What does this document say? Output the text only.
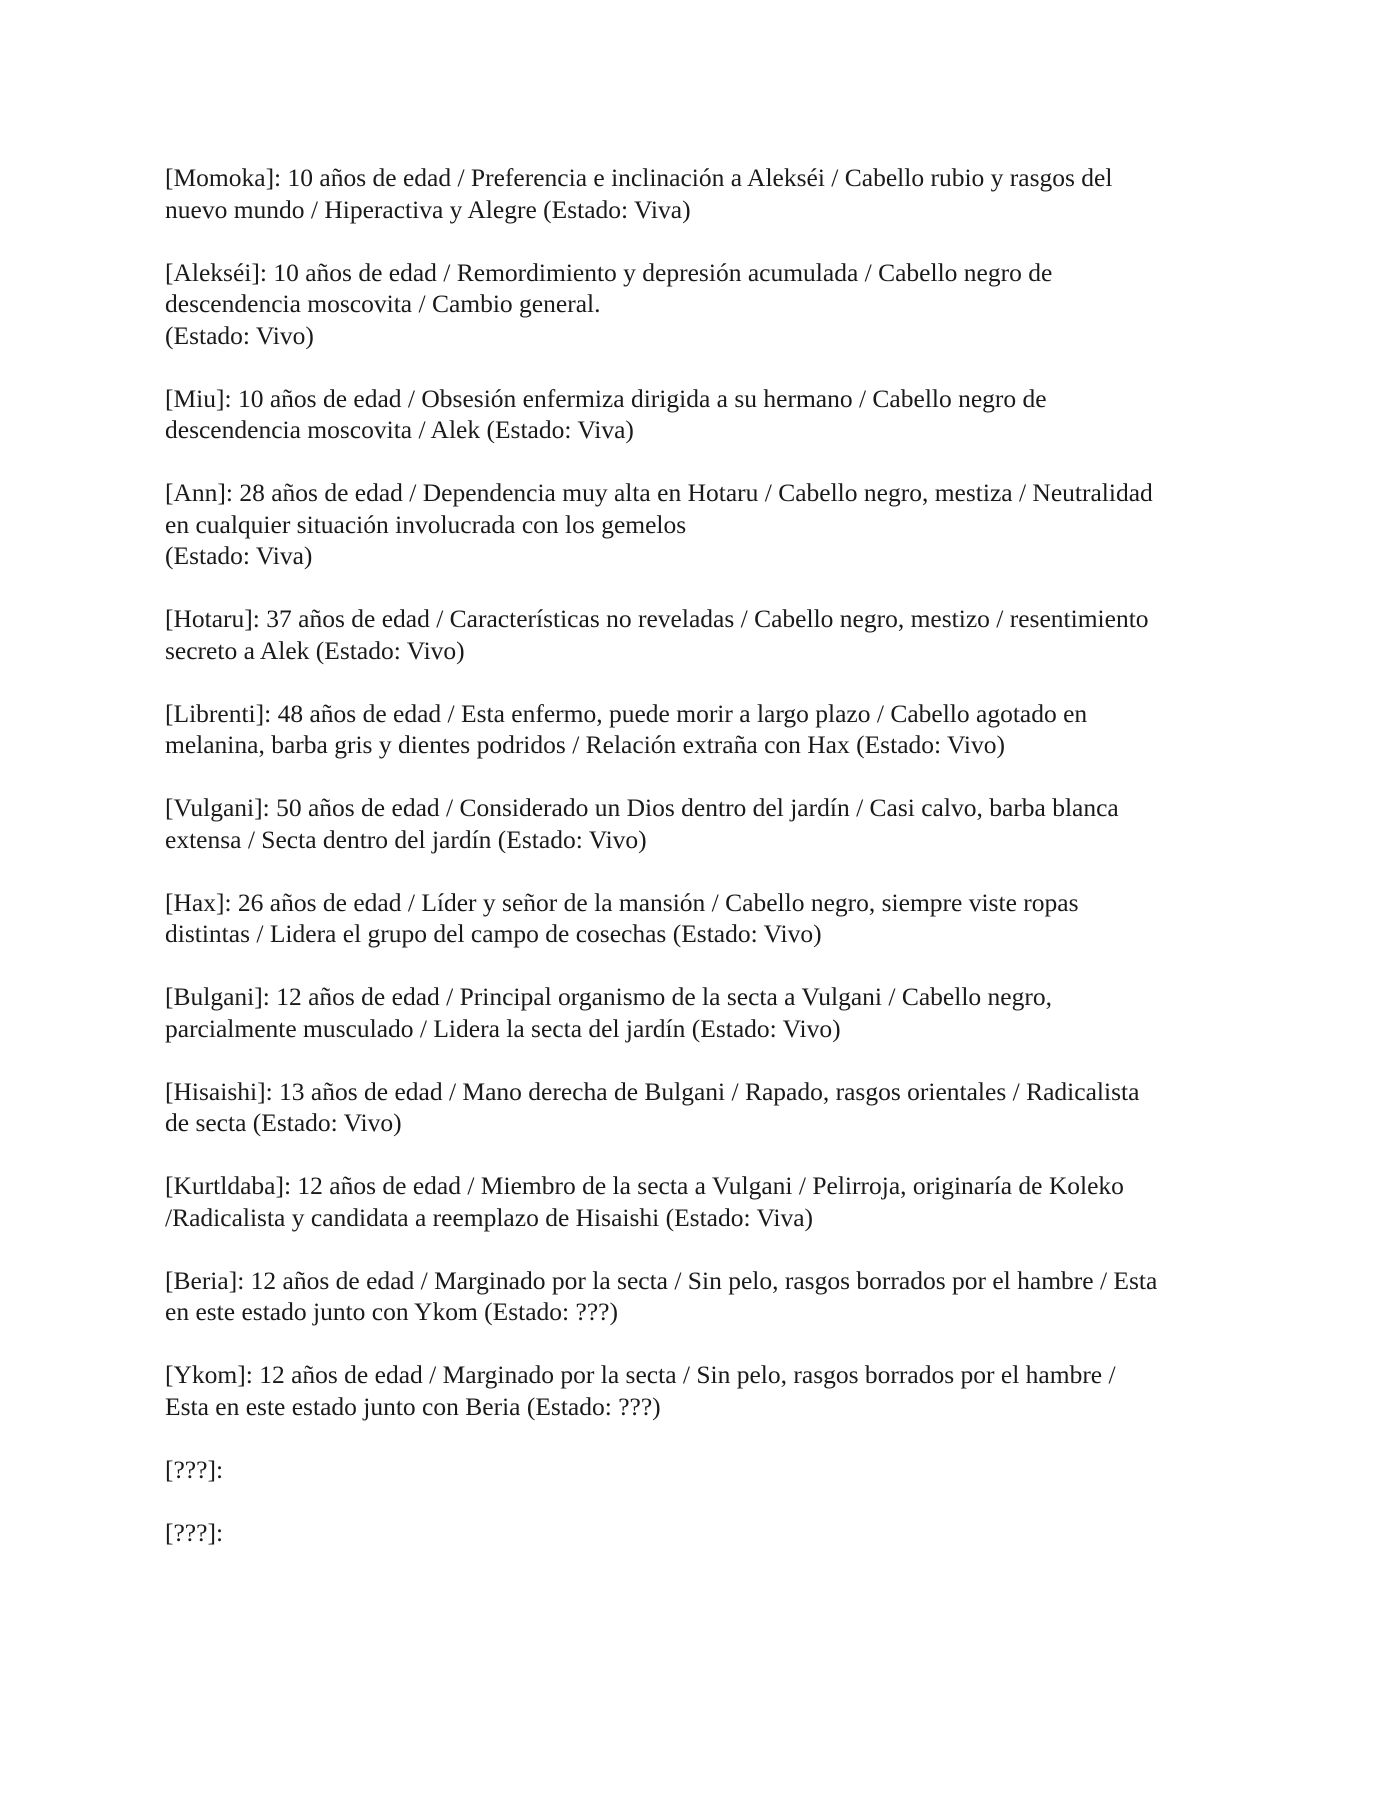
[Momoka]: 10 años de edad / Preferencia e inclinación a Alekséi / Cabello rubio y rasgos del
nuevo mundo / Hiperactiva y Alegre (Estado: Viva)

[Alekséi]: 10 años de edad / Remordimiento y depresión acumulada / Cabello negro de
descendencia moscovita / Cambio general.
(Estado: Vivo)

[Miu]: 10 años de edad / Obsesión enfermiza dirigida a su hermano / Cabello negro de
descendencia moscovita / Alek (Estado: Viva)

[Ann]: 28 años de edad / Dependencia muy alta en Hotaru / Cabello negro, mestiza / Neutralidad
en cualquier situación involucrada con los gemelos
(Estado: Viva)

[Hotaru]: 37 años de edad / Características no reveladas / Cabello negro, mestizo / resentimiento
secreto a Alek (Estado: Vivo)

[Librenti]: 48 años de edad / Esta enfermo, puede morir a largo plazo / Cabello agotado en
melanina, barba gris y dientes podridos / Relación extraña con Hax (Estado: Vivo)

[Vulgani]: 50 años de edad / Considerado un Dios dentro del jardín / Casi calvo, barba blanca
extensa / Secta dentro del jardín (Estado: Vivo)

[Hax]: 26 años de edad / Líder y señor de la mansión / Cabello negro, siempre viste ropas
distintas / Lidera el grupo del campo de cosechas (Estado: Vivo)

[Bulgani]: 12 años de edad / Principal organismo de la secta a Vulgani / Cabello negro,
parcialmente musculado / Lidera la secta del jardín (Estado: Vivo)

[Hisaishi]: 13 años de edad / Mano derecha de Bulgani / Rapado, rasgos orientales / Radicalista
de secta (Estado: Vivo)

[Kurtldaba]: 12 años de edad / Miembro de la secta a Vulgani / Pelirroja, originaría de Koleko
/Radicalista y candidata a reemplazo de Hisaishi (Estado: Viva)

[Beria]: 12 años de edad / Marginado por la secta / Sin pelo, rasgos borrados por el hambre / Esta
en este estado junto con Ykom (Estado: ???)

[Ykom]: 12 años de edad / Marginado por la secta / Sin pelo, rasgos borrados por el hambre /
Esta en este estado junto con Beria (Estado: ???)

[???]:

[???]:
